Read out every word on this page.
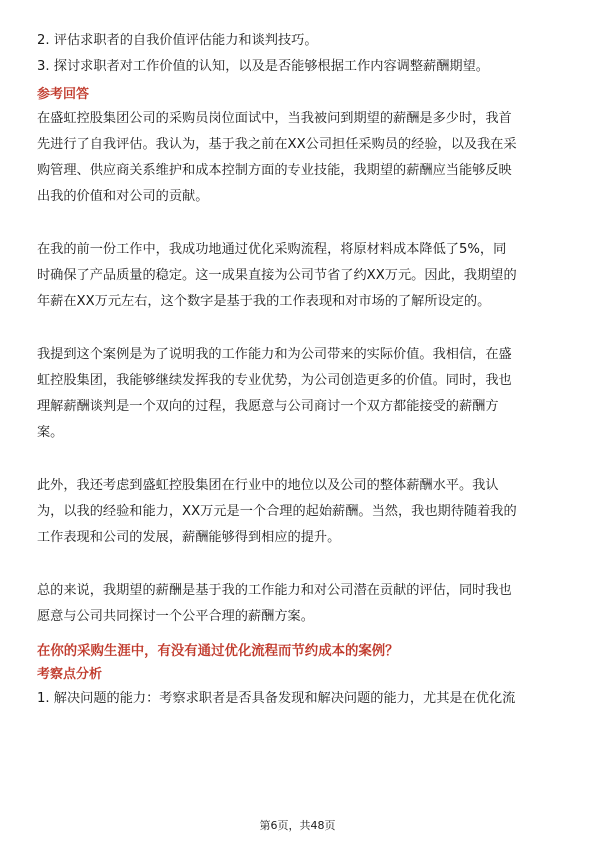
2. 评估求职者的自我价值评估能力和谈判技巧。
3. 探讨求职者对工作价值的认知，以及是否能够根据工作内容调整薪酬期望。
参考回答
在盛虹控股集团公司的采购员岗位面试中，当我被问到期望的薪酬是多少时，我首
先进行了自我评估。我认为，基于我之前在XX公司担任采购员的经验，以及我在采
购管理、供应商关系维护和成本控制方面的专业技能，我期望的薪酬应当能够反映
出我的价值和对公司的贡献。
在我的前一份工作中，我成功地通过优化采购流程，将原材料成本降低了5%，同
时确保了产品质量的稳定。这一成果直接为公司节省了约XX万元。因此，我期望的
年薪在XX万元左右，这个数字是基于我的工作表现和对市场的了解所设定的。
我提到这个案例是为了说明我的工作能力和为公司带来的实际价值。我相信，在盛
虹控股集团，我能够继续发挥我的专业优势，为公司创造更多的价值。同时，我也
理解薪酬谈判是一个双向的过程，我愿意与公司商讨一个双方都能接受的薪酬方
案。
此外，我还考虑到盛虹控股集团在行业中的地位以及公司的整体薪酬水平。我认
为，以我的经验和能力，XX万元是一个合理的起始薪酬。当然，我也期待随着我的
工作表现和公司的发展，薪酬能够得到相应的提升。
总的来说，我期望的薪酬是基于我的工作能力和对公司潜在贡献的评估，同时我也
愿意与公司共同探讨一个公平合理的薪酬方案。
在你的采购生涯中，有没有通过优化流程而节约成本的案例？
考察点分析
1. 解决问题的能力：考察求职者是否具备发现和解决问题的能力，尤其是在优化流
第6页，共48页
